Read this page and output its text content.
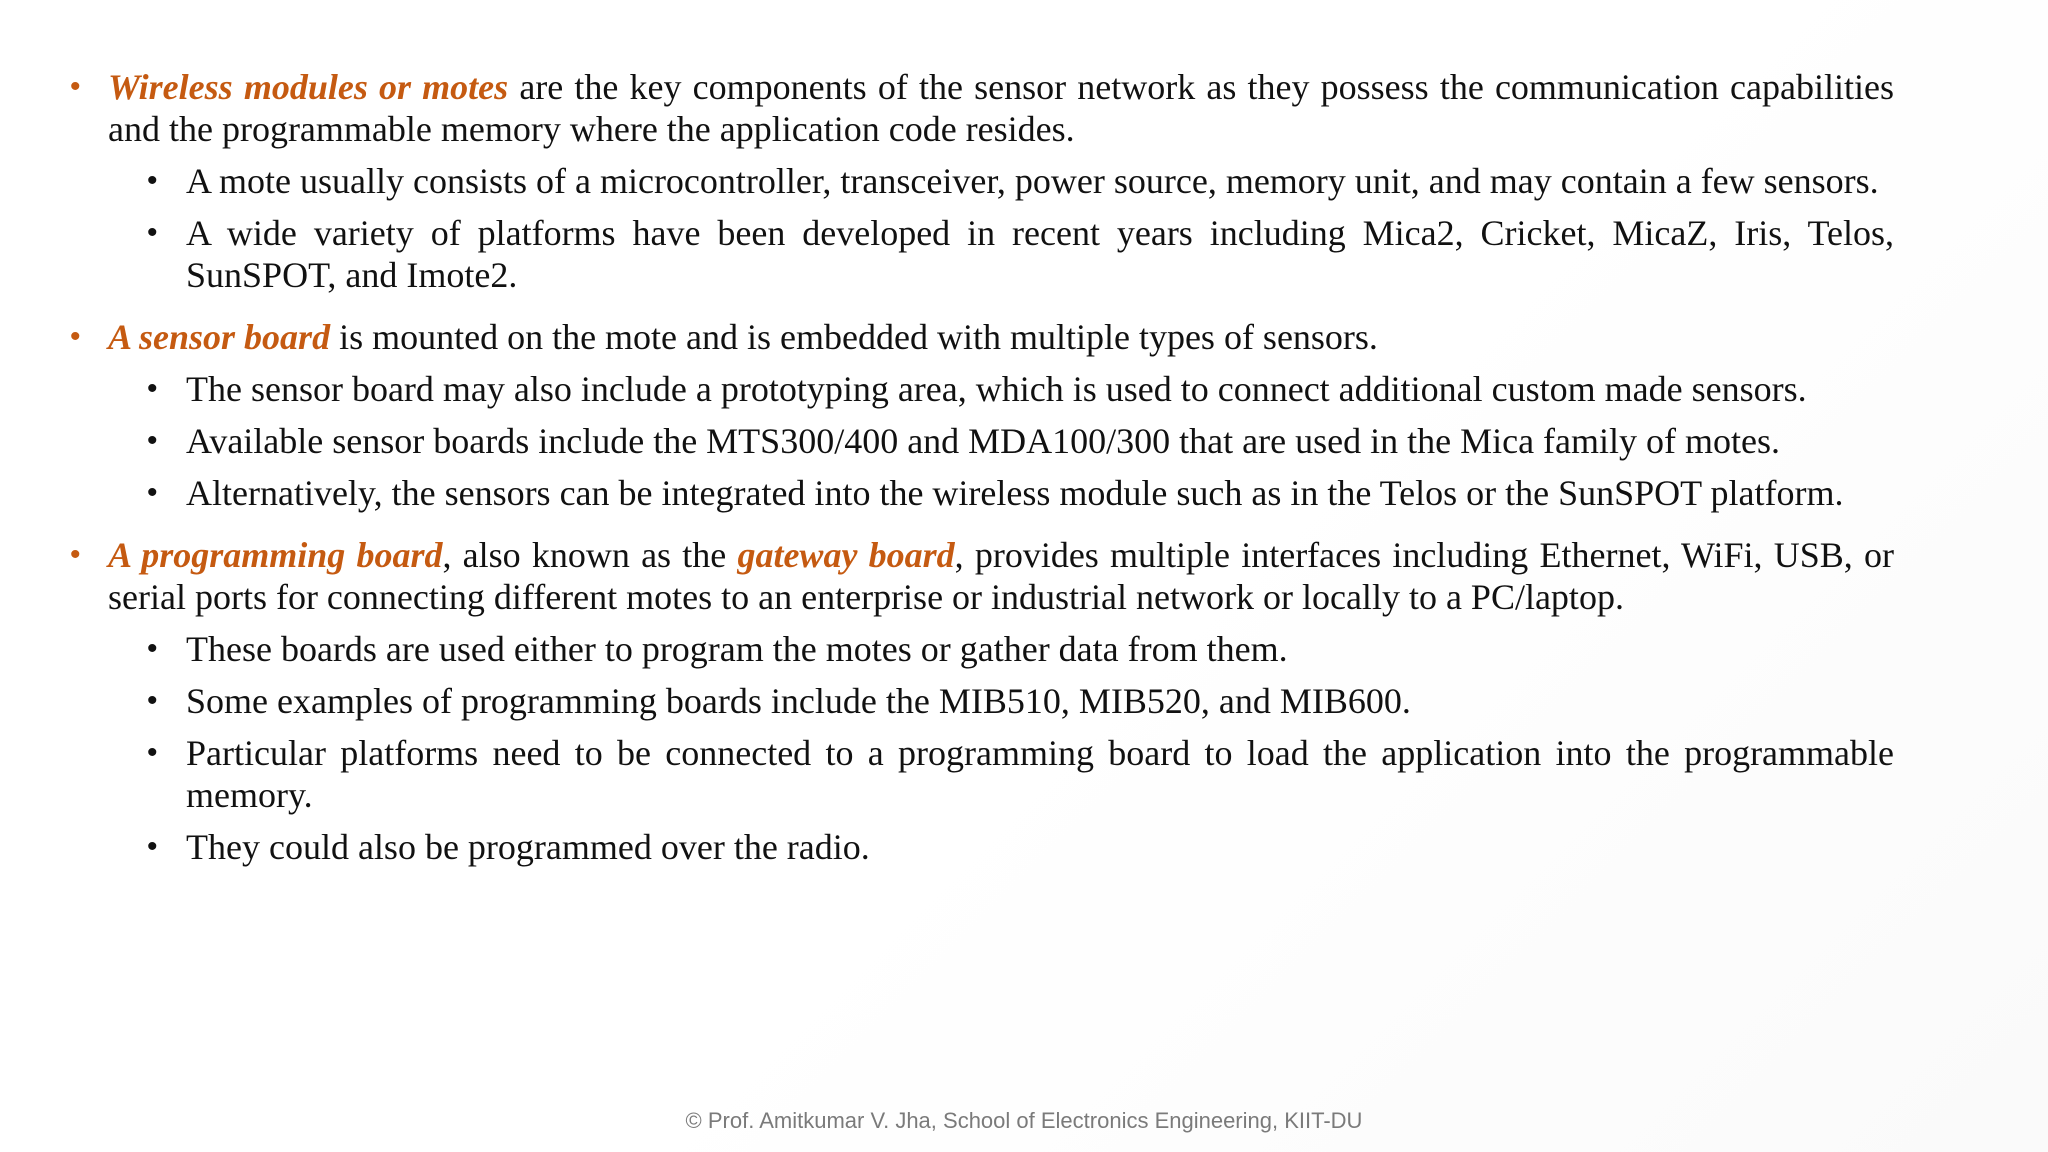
• Wireless modules or motes are the key components of the sensor network as they possess the communication capabilities and the programmable memory where the application code resides.
• A mote usually consists of a microcontroller, transceiver, power source, memory unit, and may contain a few sensors.
• A wide variety of platforms have been developed in recent years including Mica2, Cricket, MicaZ, Iris, Telos, SunSPOT, and Imote2.
• A sensor board is mounted on the mote and is embedded with multiple types of sensors.
• The sensor board may also include a prototyping area, which is used to connect additional custom made sensors.
• Available sensor boards include the MTS300/400 and MDA100/300 that are used in the Mica family of motes.
• Alternatively, the sensors can be integrated into the wireless module such as in the Telos or the SunSPOT platform.
• A programming board, also known as the gateway board, provides multiple interfaces including Ethernet, WiFi, USB, or serial ports for connecting different motes to an enterprise or industrial network or locally to a PC/laptop.
• These boards are used either to program the motes or gather data from them.
• Some examples of programming boards include the MIB510, MIB520, and MIB600.
• Particular platforms need to be connected to a programming board to load the application into the programmable memory.
• They could also be programmed over the radio.
© Prof. Amitkumar V. Jha, School of Electronics Engineering, KIIT-DU
